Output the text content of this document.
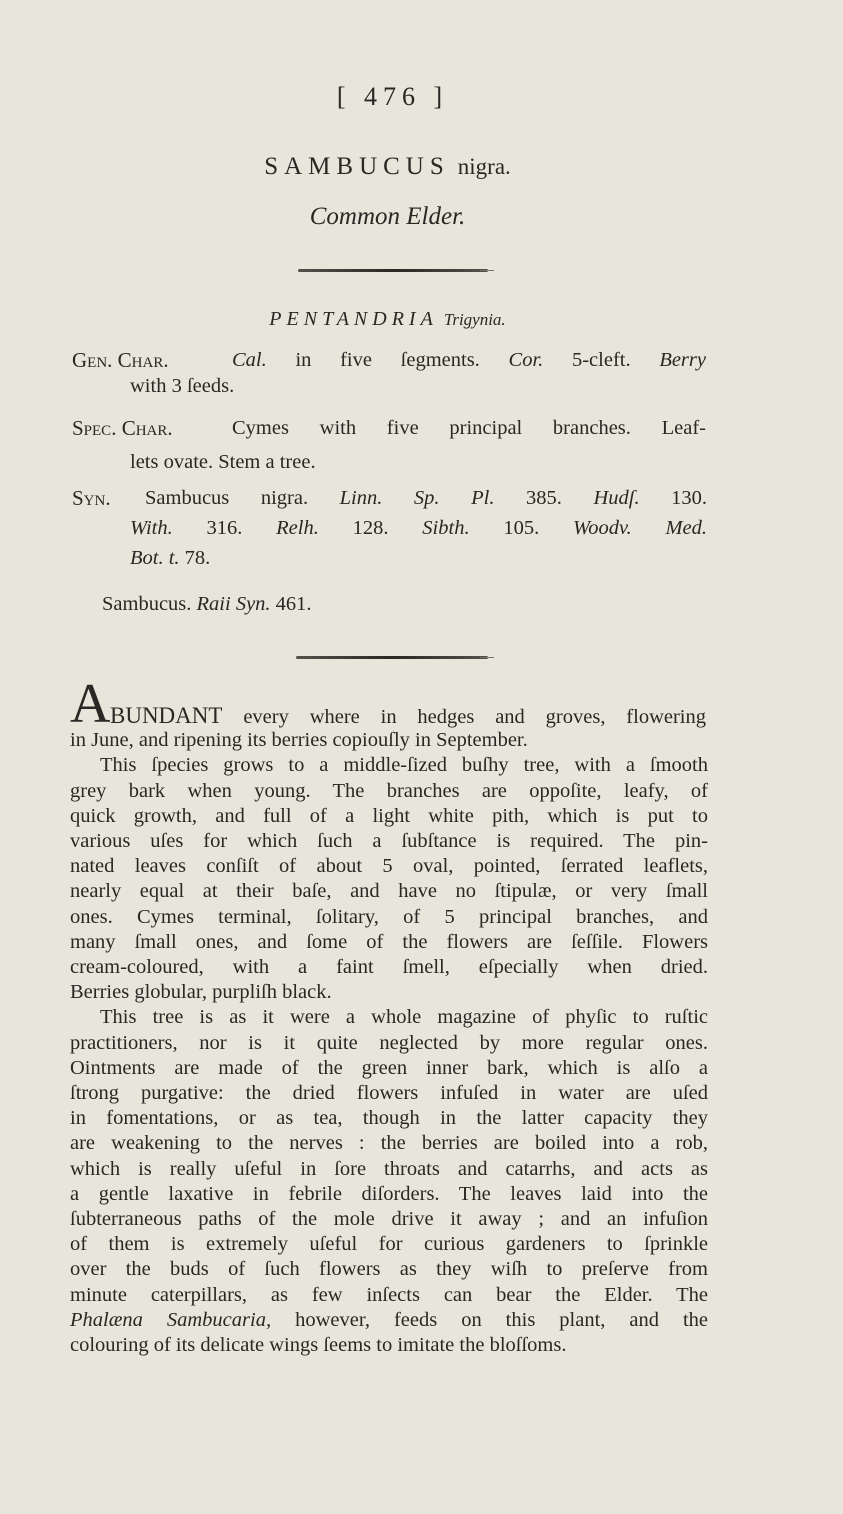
[ 476 ]
SAMBUCUS nigra.
Common Elder.
PENTANDRIA Trigynia.
Gen. Char.
Spec. Char.
Syn.
Cal. in five ſegments. Cor. 5-cleft. Berry
with 3 ſeeds.
Cymes with five principal branches. Leaf-
lets ovate. Stem a tree.
Sambucus nigra. Linn. Sp. Pl. 385. Hudſ. 130.
With. 316. Relh. 128. Sibth. 105. Woodv. Med.
Bot. t. 78.
Sambucus. Raii Syn. 461.
A BUNDANT every where in hedges and groves, flowering
in June, and ripening its berries copiouſly in September.
This ſpecies grows to a middle-ſized buſhy tree, with a ſmooth
grey bark when young. The branches are oppoſite, leafy, of
quick growth, and full of a light white pith, which is put to
various uſes for which ſuch a ſubſtance is required. The pin-
nated leaves conſiſt of about 5 oval, pointed, ſerrated leaflets,
nearly equal at their baſe, and have no ſtipulæ, or very ſmall
ones. Cymes terminal, ſolitary, of 5 principal branches, and
many ſmall ones, and ſome of the flowers are ſeſſile. Flowers
cream-coloured, with a faint ſmell, eſpecially when dried.
Berries globular, purpliſh black.
This tree is as it were a whole magazine of phyſic to ruſtic
practitioners, nor is it quite neglected by more regular ones.
Ointments are made of the green inner bark, which is alſo a
ſtrong purgative: the dried flowers infuſed in water are uſed
in fomentations, or as tea, though in the latter capacity they
are weakening to the nerves : the berries are boiled into a rob,
which is really uſeful in ſore throats and catarrhs, and acts as
a gentle laxative in febrile diſorders. The leaves laid into the
ſubterraneous paths of the mole drive it away ; and an infuſion
of them is extremely uſeful for curious gardeners to ſprinkle
over the buds of ſuch flowers as they wiſh to preſerve from
minute caterpillars, as few inſects can bear the Elder. The
Phalæna Sambucaria, however, feeds on this plant, and the
colouring of its delicate wings ſeems to imitate the bloſſoms.
